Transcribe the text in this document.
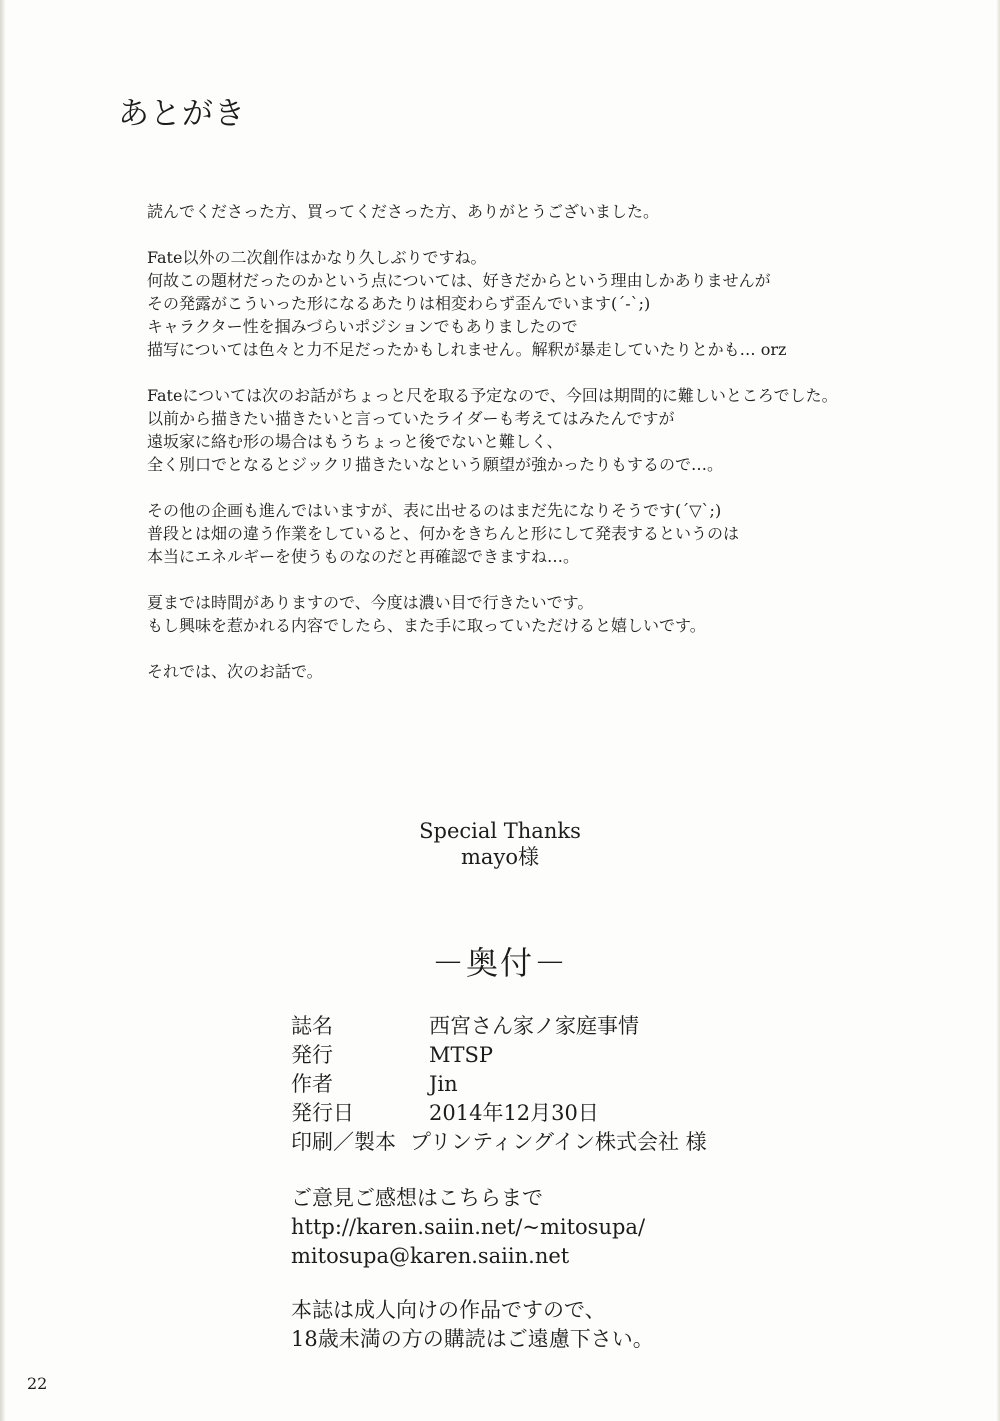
あとがき

読んでくださった方、買ってくださった方、ありがとうございました。

Fate以外の二次創作はかなり久しぶりですね。
何故この題材だったのかという点については、好きだからという理由しかありませんが
その発露がこういった形になるあたりは相変わらず歪んでいます(´-`;)
キャラクター性を掴みづらいポジションでもありましたので
描写については色々と力不足だったかもしれません。解釈が暴走していたりとかも… orz

Fateについては次のお話がちょっと尺を取る予定なので、今回は期間的に難しいところでした。
以前から描きたい描きたいと言っていたライダーも考えてはみたんですが
遠坂家に絡む形の場合はもうちょっと後でないと難しく、
全く別口でとなるとジックリ描きたいなという願望が強かったりもするので…。

その他の企画も進んではいますが、表に出せるのはまだ先になりそうです(´▽`;)
普段とは畑の違う作業をしていると、何かをきちんと形にして発表するというのは
本当にエネルギーを使うものなのだと再確認できますね…。

夏までは時間がありますので、今度は濃い目で行きたいです。
もし興味を惹かれる内容でしたら、また手に取っていただけると嬉しいです。

それでは、次のお話で。

Special Thanks
mayo様
－奥付－
誌名	西宮さん家ノ家庭事情
発行	MTSP
作者	Jin
発行日	2014年12月30日
印刷／製本 プリンティングイン株式会社 様
ご意見ご感想はこちらまで
http://karen.saiin.net/~mitosupa/
mitosupa@karen.saiin.net
本誌は成人向けの作品ですので、
18歳未満の方の購読はご遠慮下さい。
22
